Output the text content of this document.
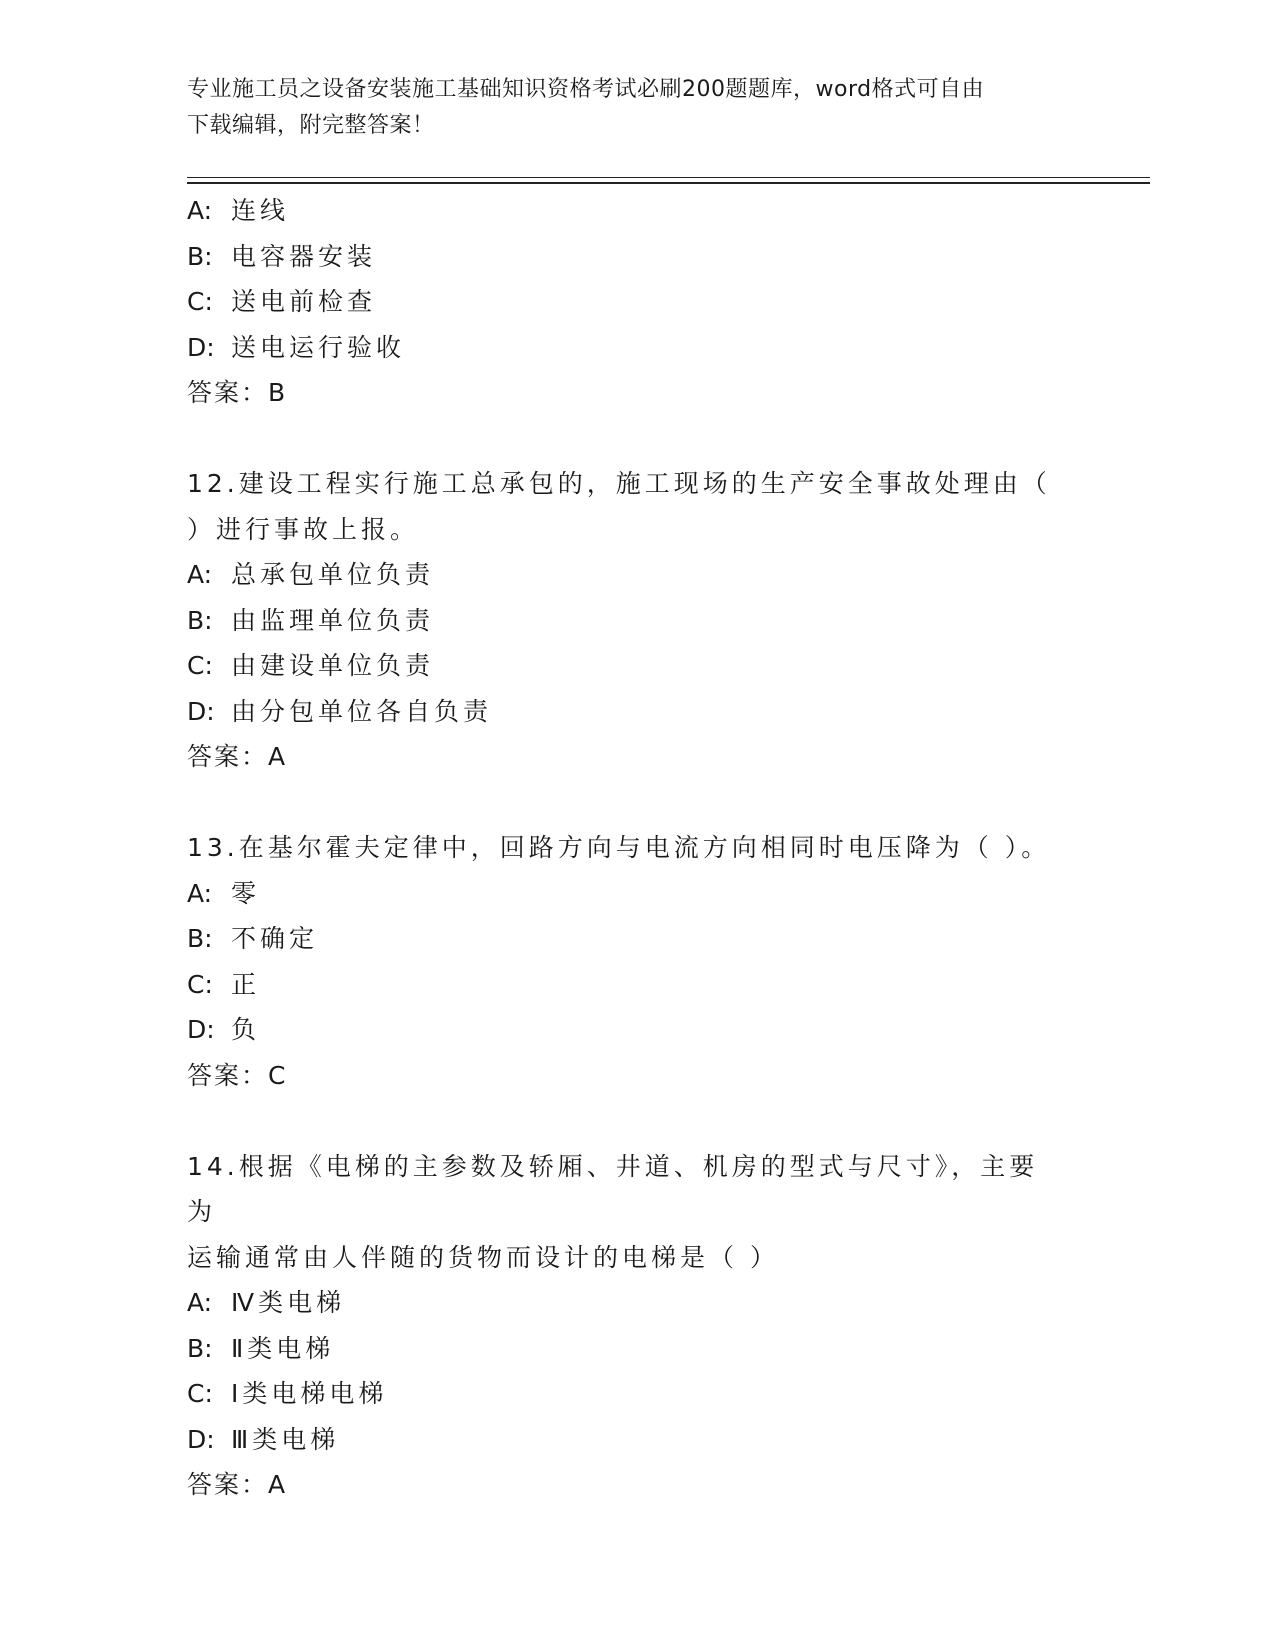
专业施工员之设备安装施工基础知识资格考试必刷200题题库，word格式可自由
下载编辑，附完整答案！
A: 连线
B: 电容器安装
C: 送电前检查
D: 送电运行验收
答案：B
12.建设工程实行施工总承包的，施工现场的生产安全事故处理由（
）进行事故上报。
A: 总承包单位负责
B: 由监理单位负责
C: 由建设单位负责
D: 由分包单位各自负责
答案：A
13.在基尔霍夫定律中，回路方向与电流方向相同时电压降为（ ）。
A: 零
B: 不确定
C: 正
D: 负
答案：C
14.根据《电梯的主参数及轿厢、井道、机房的型式与尺寸》，主要为
运输通常由人伴随的货物而设计的电梯是（ ）
A: Ⅳ类电梯
B: Ⅱ类电梯
C: Ⅰ类电梯电梯
D: Ⅲ类电梯
答案：A
